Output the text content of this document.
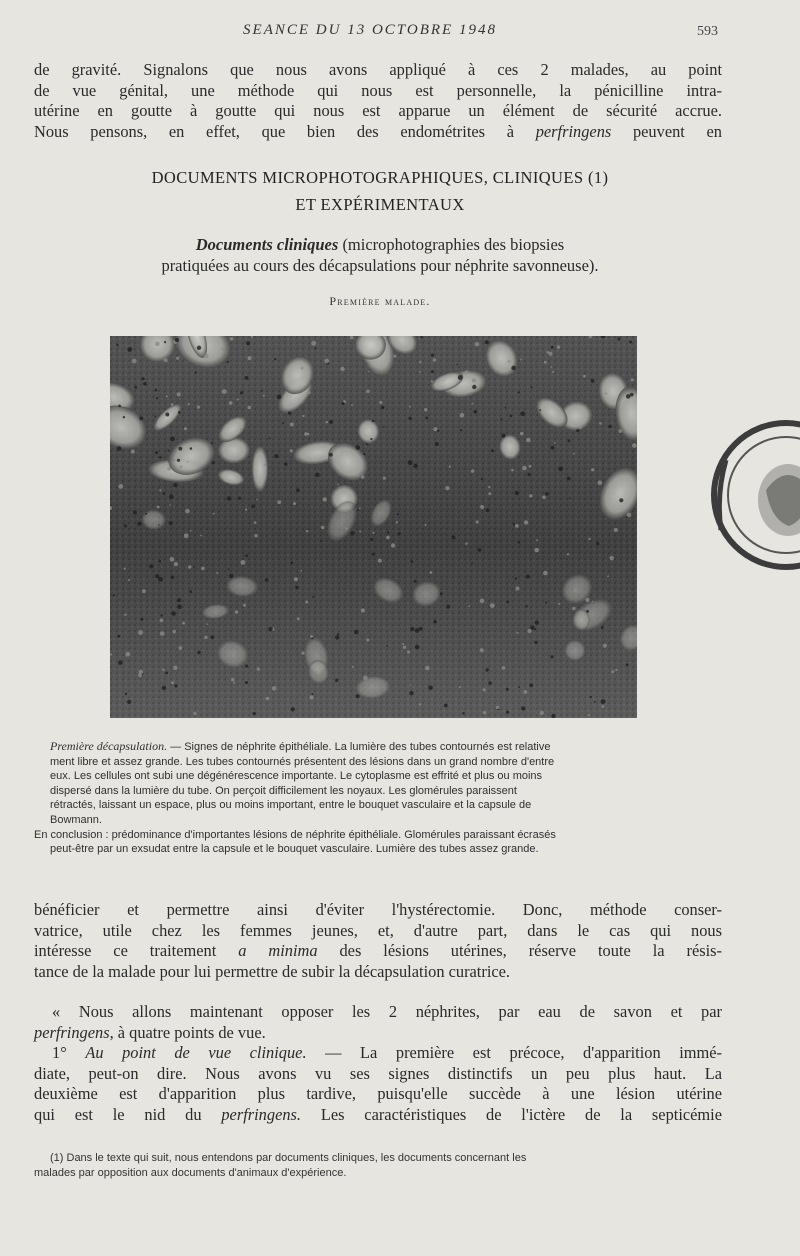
SEANCE DU 13 OCTOBRE 1948	593

de gravité. Signalons que nous avons appliqué à ces 2 malades, au point

de vue génital, une méthode qui nous est personnelle, la pénicilline intra-

utérine en goutte à goutte qui nous est apparue un élément de sécurité accrue.

Nous pensons, en effet, que bien des endométrites à perfringens peuvent en

DOCUMENTS MICROPHOTOGRAPHIQUES, CLINIQUES (1)
ET EXPÉRIMENTAUX
Documents cliniques (microphotographies des biopsies
pratiquées au cours des décapsulations pour néphrite savonneuse).
Première malade.

Première décapsulation. — Signes de néphrite épithéliale. La lumière des tubes contournés est relative

ment libre et assez grande. Les tubes contournés présentent des lésions dans un grand nombre d'entre

eux. Les cellules ont subi une dégénérescence importante. Le cytoplasme est effrité et plus ou moins

dispersé dans la lumière du tube. On perçoit difficilement les noyaux. Les glomérules paraissent

rétractés, laissant un espace, plus ou moins important, entre le bouquet vasculaire et la capsule de

Bowmann.

En conclusion : prédominance d'importantes lésions de néphrite épithéliale. Glomérules paraissant écrasés

peut-être par un exsudat entre la capsule et le bouquet vasculaire. Lumière des tubes assez grande.

bénéficier et permettre ainsi d'éviter l'hystérectomie. Donc, méthode conser-

vatrice, utile chez les femmes jeunes, et, d'autre part, dans le cas qui nous

intéresse ce traitement a minima des lésions utérines, réserve toute la résis-

tance de la malade pour lui permettre de subir la décapsulation curatrice.

« Nous allons maintenant opposer les 2 néphrites, par eau de savon et par

perfringens, à quatre points de vue.

1° Au point de vue clinique. — La première est précoce, d'apparition immé-

diate, peut-on dire. Nous avons vu ses signes distinctifs un peu plus haut. La

deuxième est d'apparition plus tardive, puisqu'elle succède à une lésion utérine

qui est le nid du perfringens. Les caractéristiques de l'ictère de la septicémie

(1) Dans le texte qui suit, nous entendons par documents cliniques, les documents concernant les

malades par opposition aux documents d'animaux d'expérience.
